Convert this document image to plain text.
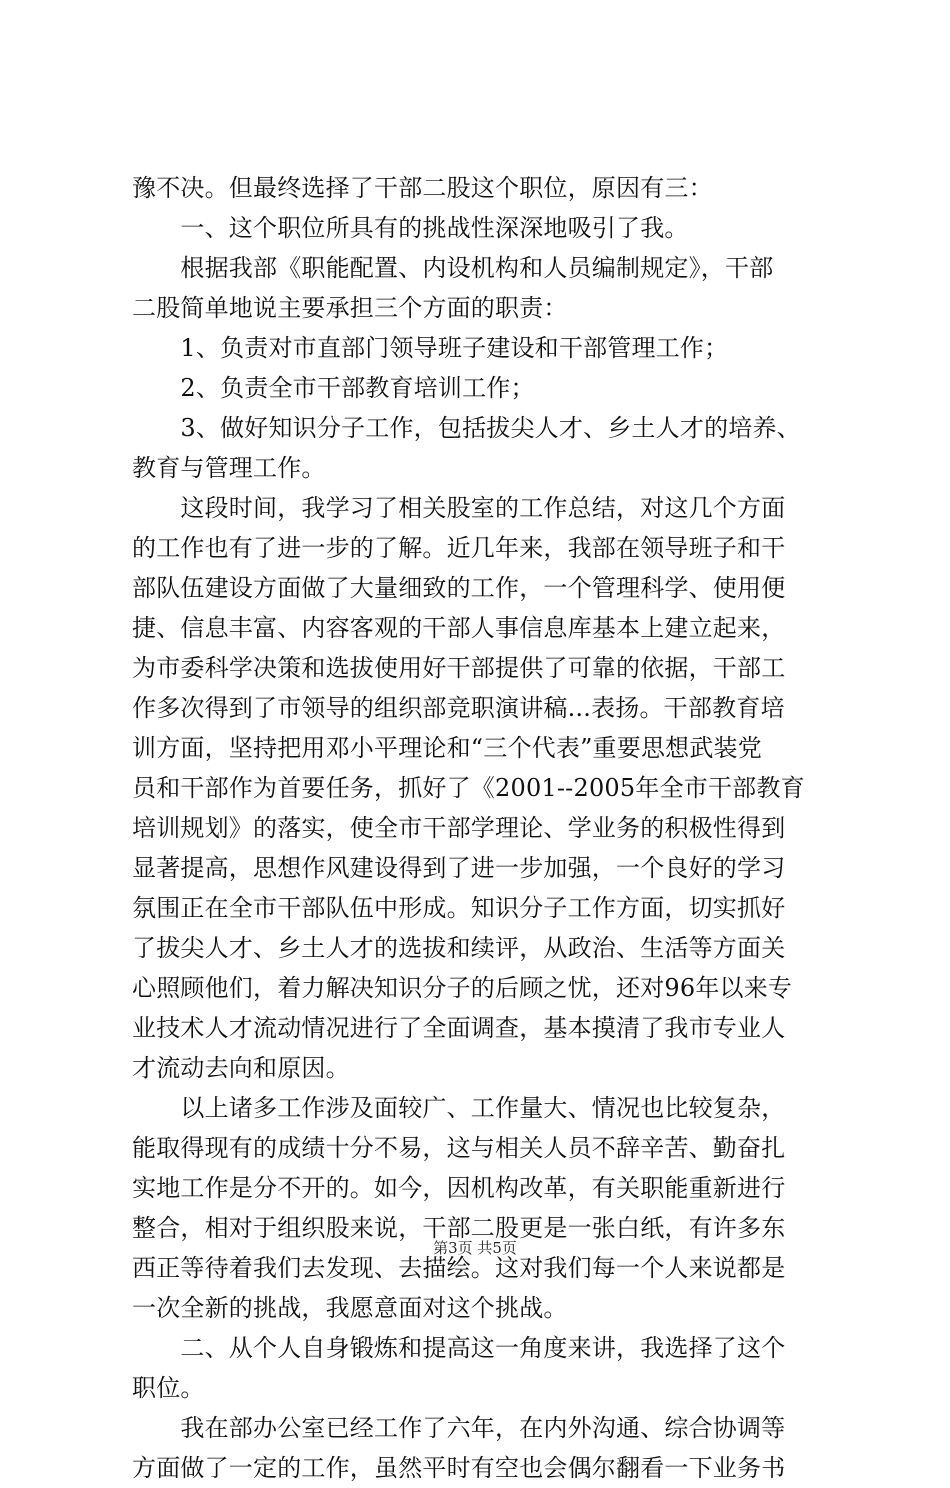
豫不决。但最终选择了干部二股这个职位，原因有三：
　　一、这个职位所具有的挑战性深深地吸引了我。
　　根据我部《职能配置、内设机构和人员编制规定》，干部
二股简单地说主要承担三个方面的职责：
　　1、负责对市直部门领导班子建设和干部管理工作；
　　2、负责全市干部教育培训工作；
　　3、做好知识分子工作，包括拔尖人才、乡土人才的培养、
教育与管理工作。
　　这段时间，我学习了相关股室的工作总结，对这几个方面
的工作也有了进一步的了解。近几年来，我部在领导班子和干
部队伍建设方面做了大量细致的工作，一个管理科学、使用便
捷、信息丰富、内容客观的干部人事信息库基本上建立起来，
为市委科学决策和选拔使用好干部提供了可靠的依据，干部工
作多次得到了市领导的组织部竞职演讲稿...表扬。干部教育培
训方面，坚持把用邓小平理论和“三个代表”重要思想武装党
员和干部作为首要任务，抓好了《2001--2005年全市干部教育
培训规划》的落实，使全市干部学理论、学业务的积极性得到
显著提高，思想作风建设得到了进一步加强，一个良好的学习
氛围正在全市干部队伍中形成。知识分子工作方面，切实抓好
了拔尖人才、乡土人才的选拔和续评，从政治、生活等方面关
心照顾他们，着力解决知识分子的后顾之忧，还对96年以来专
业技术人才流动情况进行了全面调查，基本摸清了我市专业人
才流动去向和原因。
　　以上诸多工作涉及面较广、工作量大、情况也比较复杂，
能取得现有的成绩十分不易，这与相关人员不辞辛苦、勤奋扎
实地工作是分不开的。如今，因机构改革，有关职能重新进行
整合，相对于组织股来说，干部二股更是一张白纸，有许多东
西正等待着我们去发现、去描绘。这对我们每一个人来说都是
一次全新的挑战，我愿意面对这个挑战。
　　二、从个人自身锻炼和提高这一角度来讲，我选择了这个
职位。
　　我在部办公室已经工作了六年，在内外沟通、综合协调等
方面做了一定的工作，虽然平时有空也会偶尔翻看一下业务书
第3页 共5页
